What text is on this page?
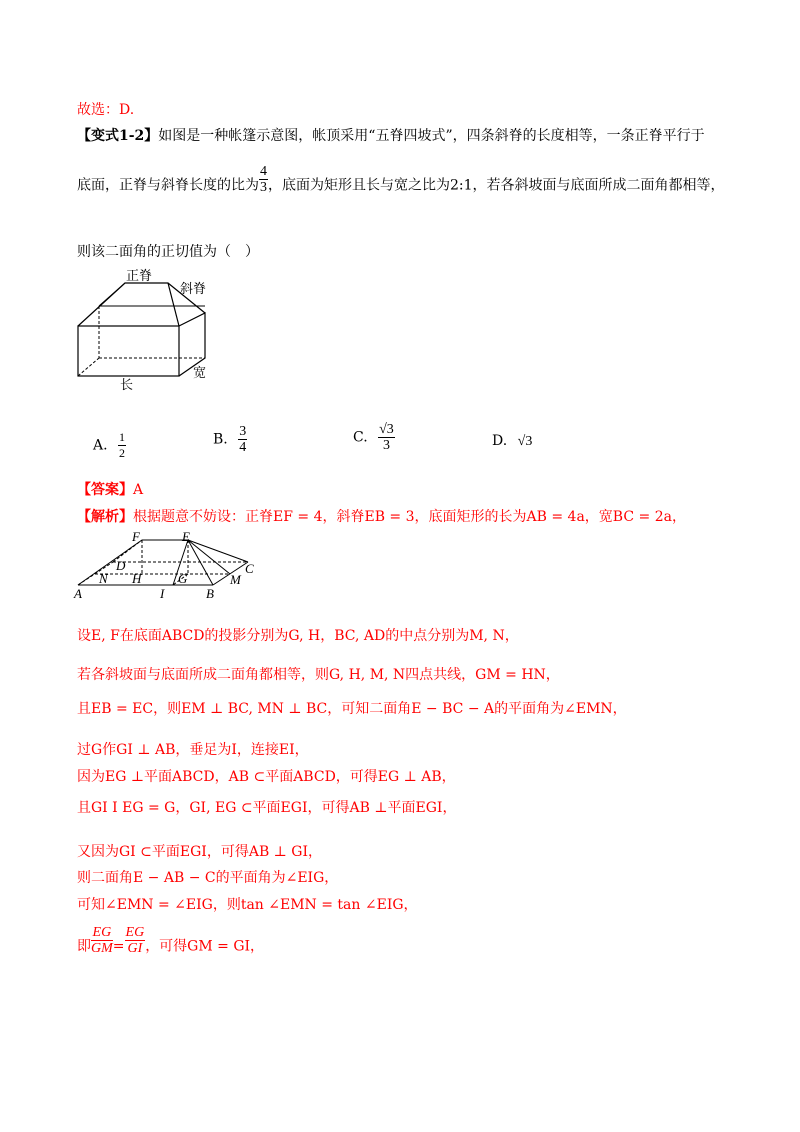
故选：D.
【变式1-2】如图是一种帐篷示意图，帐顶采用“五脊四坡式”，四条斜脊的长度相等，一条正脊平行于
底面，正脊与斜脊长度的比为 $\frac{4}{3}$ ，底面为矩形且长与宽之比为2:1，若各斜坡面与底面所成二面角都相等，
则该二面角的正切值为（　）
正脊
斜脊
宽
长
A. $\frac{1}{2}$	B. $\frac{3}{4}$	C. $\frac{√3}{3}$	D. √3
【答案】A
【解析】根据题意不妨设：正脊EF = 4，斜脊EB = 3，底面矩形的长为AB = 4a，宽BC = 2a，
F	E
D
N H	G	M
C
A	I	B
设E, F在底面ABCD的投影分别为G, H，BC, AD的中点分别为M, N，
若各斜坡面与底面所成二面角都相等，则G, H, M, N四点共线，GM = HN，
且EB = EC，则EM ⊥ BC, MN ⊥ BC，可知二面角E − BC − A的平面角为∠EMN，
过G作GI ⊥ AB，垂足为I，连接EI，
因为EG ⊥平面ABCD，AB ⊂平面ABCD，可得EG ⊥ AB，
且GI I EG = G，GI, EG ⊂平面EGI，可得AB ⊥平面EGI，
又因为GI ⊂平面EGI，可得AB ⊥ GI，
则二面角E − AB − C的平面角为∠EIG，
可知∠EMN = ∠EIG，则tan ∠EMN = tan ∠EIG，
即 $\frac{EG}{GM} = \frac{EG}{GI}$ ，可得GM = GI，
